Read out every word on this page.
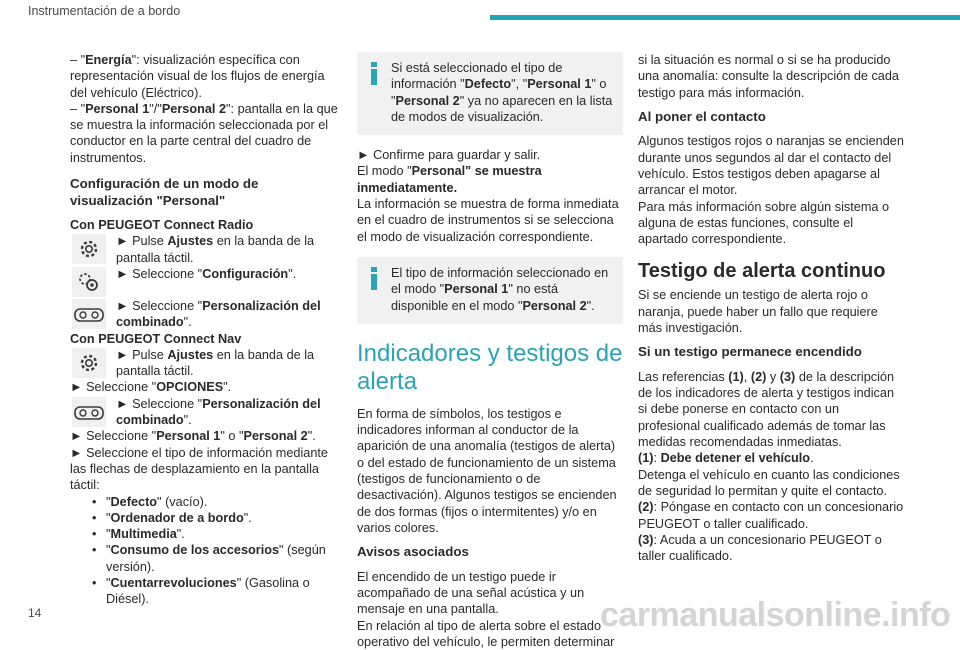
Instrumentación de a bordo

– "Energía": visualización específica con representación visual de los flujos de energía del vehículo (Eléctrico).

– "Personal 1"/"Personal 2": pantalla en la que se muestra la información seleccionada por el conductor en la parte central del cuadro de instrumentos.

Configuración de un modo de visualización "Personal"

Con PEUGEOT Connect Radio

► Pulse Ajustes en la banda de la pantalla táctil.

► Seleccione "Configuración".

► Seleccione "Personalización del combinado".

Con PEUGEOT Connect Nav

► Pulse Ajustes en la banda de la pantalla táctil.

► Seleccione "OPCIONES".

► Seleccione "Personalización del combinado".

► Seleccione "Personal 1" o "Personal 2".

► Seleccione el tipo de información mediante las flechas de desplazamiento en la pantalla táctil:

• "Defecto" (vacío).

• "Ordenador de a bordo".

• "Multimedia".

• "Consumo de los accesorios" (según versión).

• "Cuentarrevoluciones" (Gasolina o Diésel).

Si está seleccionado el tipo de información "Defecto", "Personal 1" o "Personal 2" ya no aparecen en la lista de modos de visualización.

► Confirme para guardar y salir.

El modo "Personal" se muestra inmediatamente.

La información se muestra de forma inmediata en el cuadro de instrumentos si se selecciona el modo de visualización correspondiente.

El tipo de información seleccionado en el modo "Personal 1" no está disponible en el modo "Personal 2".

Indicadores y testigos de alerta

En forma de símbolos, los testigos e indicadores informan al conductor de la aparición de una anomalía (testigos de alerta) o del estado de funcionamiento de un sistema (testigos de funcionamiento o de desactivación). Algunos testigos se encienden de dos formas (fijos o intermitentes) y/o en varios colores.

Avisos asociados

El encendido de un testigo puede ir acompañado de una señal acústica y un mensaje en una pantalla.

En relación al tipo de alerta sobre el estado operativo del vehículo, le permiten determinar

si la situación es normal o si se ha producido una anomalía: consulte la descripción de cada testigo para más información.

Al poner el contacto

Algunos testigos rojos o naranjas se encienden durante unos segundos al dar el contacto del vehículo. Estos testigos deben apagarse al arrancar el motor.

Para más información sobre algún sistema o alguna de estas funciones, consulte el apartado correspondiente.

Testigo de alerta continuo

Si se enciende un testigo de alerta rojo o naranja, puede haber un fallo que requiere más investigación.

Si un testigo permanece encendido

Las referencias (1), (2) y (3) de la descripción de los indicadores de alerta y testigos indican si debe ponerse en contacto con un profesional cualificado además de tomar las medidas recomendadas inmediatas.

(1): Debe detener el vehículo.

Detenga el vehículo en cuanto las condiciones de seguridad lo permitan y quite el contacto.

(2): Póngase en contacto con un concesionario PEUGEOT o taller cualificado.

(3): Acuda a un concesionario PEUGEOT o taller cualificado.

14	carmanualsonline.info
